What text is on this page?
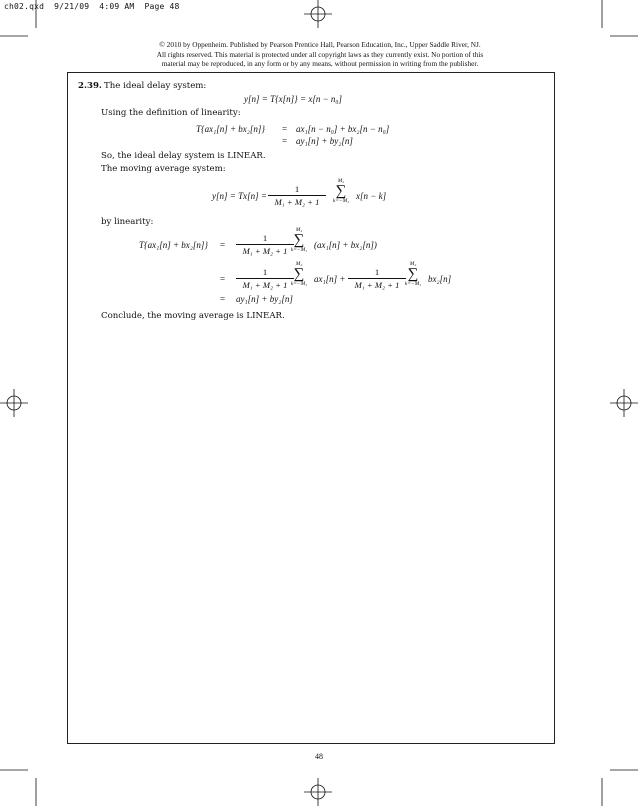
ch02.qxd  9/21/09  4:09 AM  Page 48
© 2010 by Oppenheim. Published by Pearson Prentice Hall, Pearson Education, Inc., Upper Saddle River, NJ.
All rights reserved. This material is protected under all copyright laws as they currently exist. No portion of this
material may be reproduced, in any form or by any means, without permission in writing from the publisher.
2.39. The ideal delay system:
y[n] = T{x[n]} = x[n − n₀]
Using the definition of linearity:
T{ax₁[n] + bx₂[n]} = ax₁[n − n₀] + bx₂[n − n₀]
= ay₁[n] + by₂[n]
So, the ideal delay system is LINEAR.
The moving average system:
$y[n] = Tx[n] = \frac{1}{\text{M₁ + M₂ + 1}}$
M₂
∑
k=−M₁ x[n − k]
by linearity:
$T\{ax_1[n] + bx_2[n]\} = \frac{1}{\text{M₁ + M₂ + 1}}$
M₂
∑
k=−M₁ (ax₁[n] + bx₂[n])
= $\frac{1}{\text{M₁ + M₂ + 1}}$
M₂
∑
k=−M₁ $ax_1[n] + \frac{1}{\text{M₁ + M₂ + 1}}$
M₂
∑
k=−M₁ bx₂[n]
= ay₁[n] + by₂[n]
Conclude, the moving average is LINEAR.
48
